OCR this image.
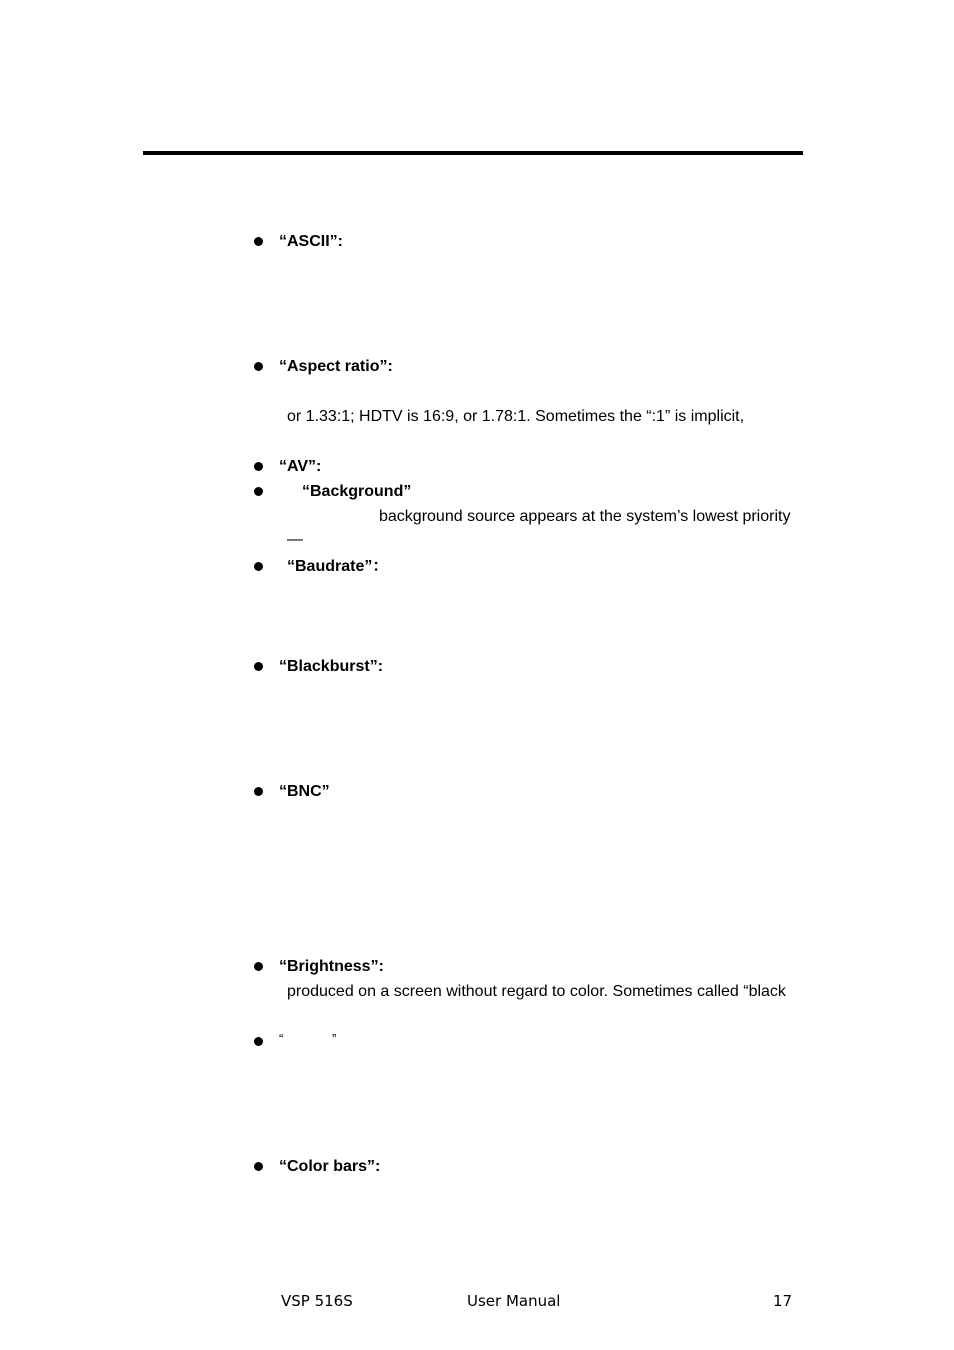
“ASCII”:
“Aspect ratio”:
or 1.33:1; HDTV is 16:9, or 1.78:1. Sometimes the “:1” is implicit,
“AV”:
“Background”
background source appears at the system’s lowest priority
—
“Baudrate”：
“Blackburst”:
“BNC”
“Brightness”:
produced on a screen without regard to color. Sometimes called “black
“	”
“Color bars”:
VSP 516S	User Manual	17
